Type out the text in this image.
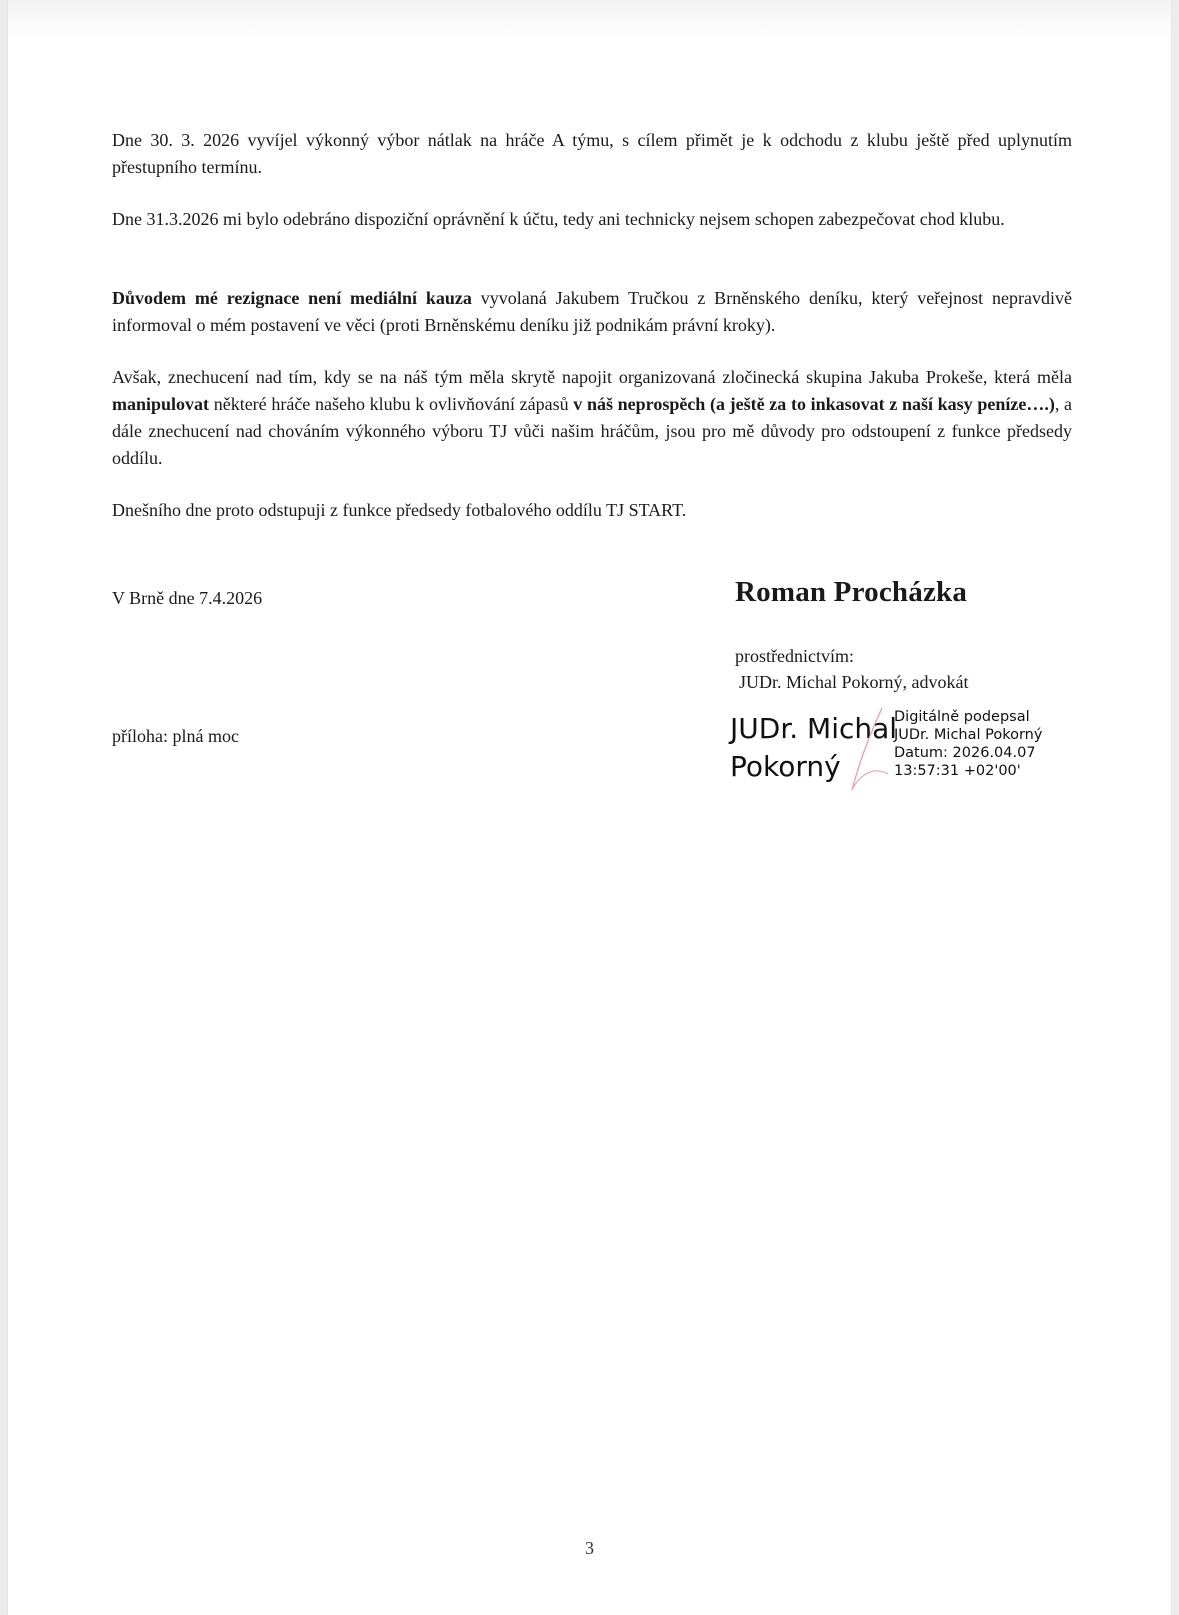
Dne 30. 3. 2026 vyvíjel výkonný výbor nátlak na hráče A týmu, s cílem přimět je k odchodu z klubu ještě před uplynutím přestupního termínu.

Dne 31.3.2026 mi bylo odebráno dispoziční oprávnění k účtu, tedy ani technicky nejsem schopen zabezpečovat chod klubu.

Důvodem mé rezignace není mediální kauza vyvolaná Jakubem Tručkou z Brněnského deníku, který veřejnost nepravdivě informoval o mém postavení ve věci (proti Brněnskému deníku již podnikám právní kroky).

Avšak, znechucení nad tím, kdy se na náš tým měla skrytě napojit organizovaná zločinecká skupina Jakuba Prokeše, která měla manipulovat některé hráče našeho klubu k ovlivňování zápasů v náš neprospěch (a ještě za to inkasovat z naší kasy peníze….), a dále znechucení nad chováním výkonného výboru TJ vůči našim hráčům, jsou pro mě důvody pro odstoupení z funkce předsedy oddílu.

Dnešního dne proto odstupuji z funkce předsedy fotbalového oddílu TJ START.

V Brně dne 7.4.2026	Roman Procházka
prostřednictvím:
JUDr. Michal Pokorný, advokát
příloha: plná moc	JUDr. Michal
Pokorný
Digitálně podepsal
JUDr. Michal Pokorný
Datum: 2026.04.07
13:57:31 +02'00'
3
